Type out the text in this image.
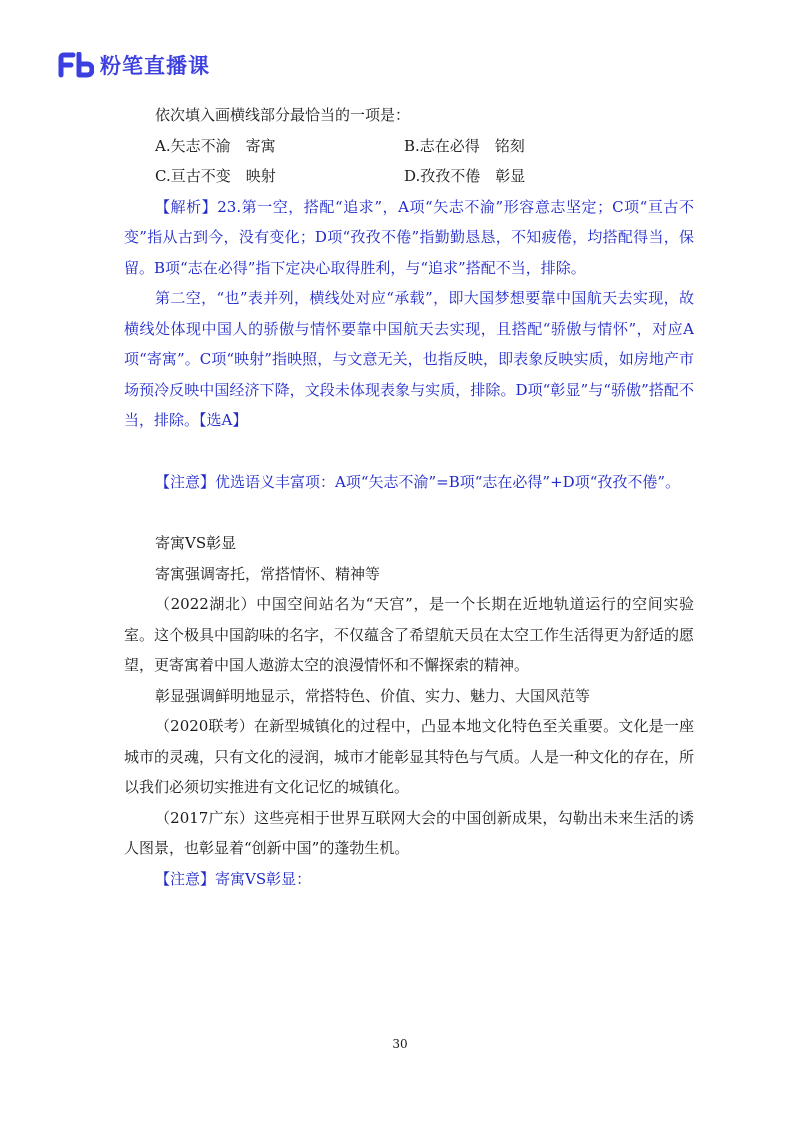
粉笔直播课

依次填入画横线部分最恰当的一项是：

A.矢志不渝　寄寓	B.志在必得　铭刻
C.亘古不变　映射	D.孜孜不倦　彰显

【解析】23.第一空，搭配“追求”，A项“矢志不渝”形容意志坚定；C项“亘古不变”指从古到今，没有变化；D项“孜孜不倦”指勤勤恳恳，不知疲倦，均搭配得当，保留。B项“志在必得”指下定决心取得胜利，与“追求”搭配不当，排除。

第二空，“也”表并列，横线处对应“承载”，即大国梦想要靠中国航天去实现，故横线处体现中国人的骄傲与情怀要靠中国航天去实现，且搭配“骄傲与情怀”，对应A项“寄寓”。C项“映射”指映照，与文意无关，也指反映，即表象反映实质，如房地产市场预冷反映中国经济下降，文段未体现表象与实质，排除。D项“彰显”与“骄傲”搭配不当，排除。【选A】

【注意】优选语义丰富项：A项“矢志不渝”=B项“志在必得”+D项“孜孜不倦”。

寄寓VS彰显

寄寓强调寄托，常搭情怀、精神等

（2022湖北）中国空间站名为“天宫”，是一个长期在近地轨道运行的空间实验室。这个极具中国韵味的名字，不仅蕴含了希望航天员在太空工作生活得更为舒适的愿望，更寄寓着中国人遨游太空的浪漫情怀和不懈探索的精神。

彰显强调鲜明地显示，常搭特色、价值、实力、魅力、大国风范等

（2020联考）在新型城镇化的过程中，凸显本地文化特色至关重要。文化是一座城市的灵魂，只有文化的浸润，城市才能彰显其特色与气质。人是一种文化的存在，所以我们必须切实推进有文化记忆的城镇化。

（2017广东）这些亮相于世界互联网大会的中国创新成果，勾勒出未来生活的诱人图景，也彰显着“创新中国”的蓬勃生机。

【注意】寄寓VS彰显：

30
